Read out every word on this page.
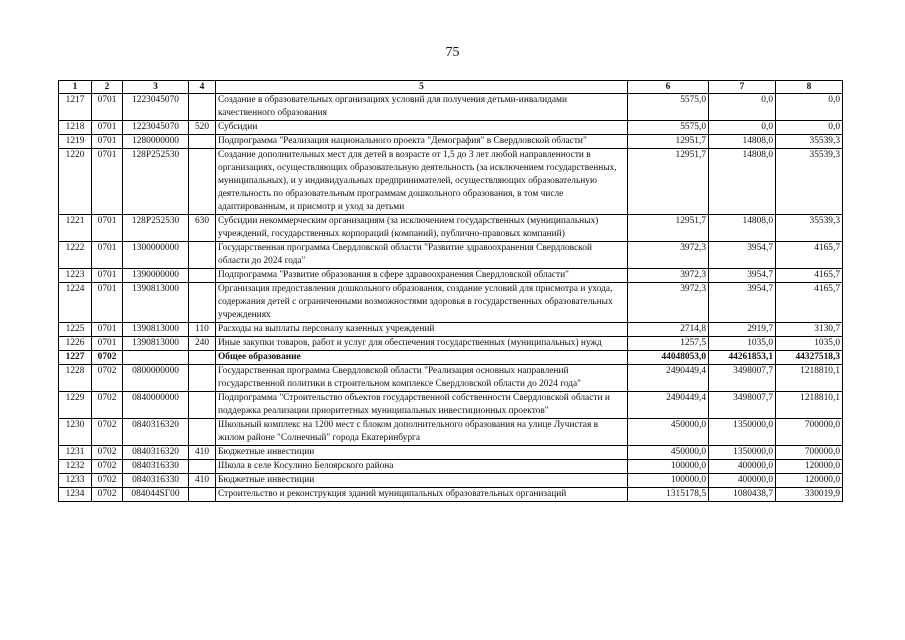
75
1	2	3	4	5	6	7	8
1217	0701	1223045070		Создание в образовательных организациях условий для получения детьми-инвалидами качественного образования	5575,0	0,0	0,0
1218	0701	1223045070	520	Субсидии	5575,0	0,0	0,0
1219	0701	1280000000		Подпрограмма "Реализация национального проекта "Демография" в Свердловской области"	12951,7	14808,0	35539,3
1220	0701	128P252530		Создание дополнительных мест для детей в возрасте от 1,5 до 3 лет любой направленности в организациях, осуществляющих образовательную деятельность (за исключением государственных, муниципальных), и у индивидуальных предпринимателей, осуществляющих образовательную деятельность по образовательным программам дошкольного образования, в том числе адаптированным, и присмотр и уход за детьми	12951,7	14808,0	35539,3
1221	0701	128P252530	630	Субсидии некоммерческим организациям (за исключением государственных (муниципальных) учреждений, государственных корпораций (компаний), публично-правовых компаний)	12951,7	14808,0	35539,3
1222	0701	1300000000		Государственная программа Свердловской области "Развитие здравоохранения Свердловской области до 2024 года"	3972,3	3954,7	4165,7
1223	0701	1390000000		Подпрограмма "Развитие образования в сфере здравоохранения Свердловской области"	3972,3	3954,7	4165,7
1224	0701	1390813000		Организация предоставления дошкольного образования, создание условий для присмотра и ухода, содержания детей с ограниченными возможностями здоровья в государственных образовательных учреждениях	3972,3	3954,7	4165,7
1225	0701	1390813000	110	Расходы на выплаты персоналу казенных учреждений	2714,8	2919,7	3130,7
1226	0701	1390813000	240	Иные закупки товаров, работ и услуг для обеспечения государственных (муниципальных) нужд	1257,5	1035,0	1035,0
1227	0702			Общее образование	44048053,0	44261853,1	44327518,3
1228	0702	0800000000		Государственная программа Свердловской области "Реализация основных направлений государственной политики в строительном комплексе Свердловской области до 2024 года"	2490449,4	3498007,7	1218810,1
1229	0702	0840000000		Подпрограмма "Строительство объектов государственной собственности Свердловской области и поддержка реализации приоритетных муниципальных инвестиционных проектов"	2490449,4	3498007,7	1218810,1
1230	0702	0840316320		Школьный комплекс на 1200 мест с блоком дополнительного образования на улице Лучистая в жилом районе "Солнечный" города Екатеринбурга	450000,0	1350000,0	700000,0
1231	0702	0840316320	410	Бюджетные инвестиции	450000,0	1350000,0	700000,0
1232	0702	0840316330		Школа в селе Косулино Белоярского района	100000,0	400000,0	120000,0
1233	0702	0840316330	410	Бюджетные инвестиции	100000,0	400000,0	120000,0
1234	0702	084044SГ00		Строительство и реконструкция зданий муниципальных образовательных организаций	1315178,5	1080438,7	330019,9
